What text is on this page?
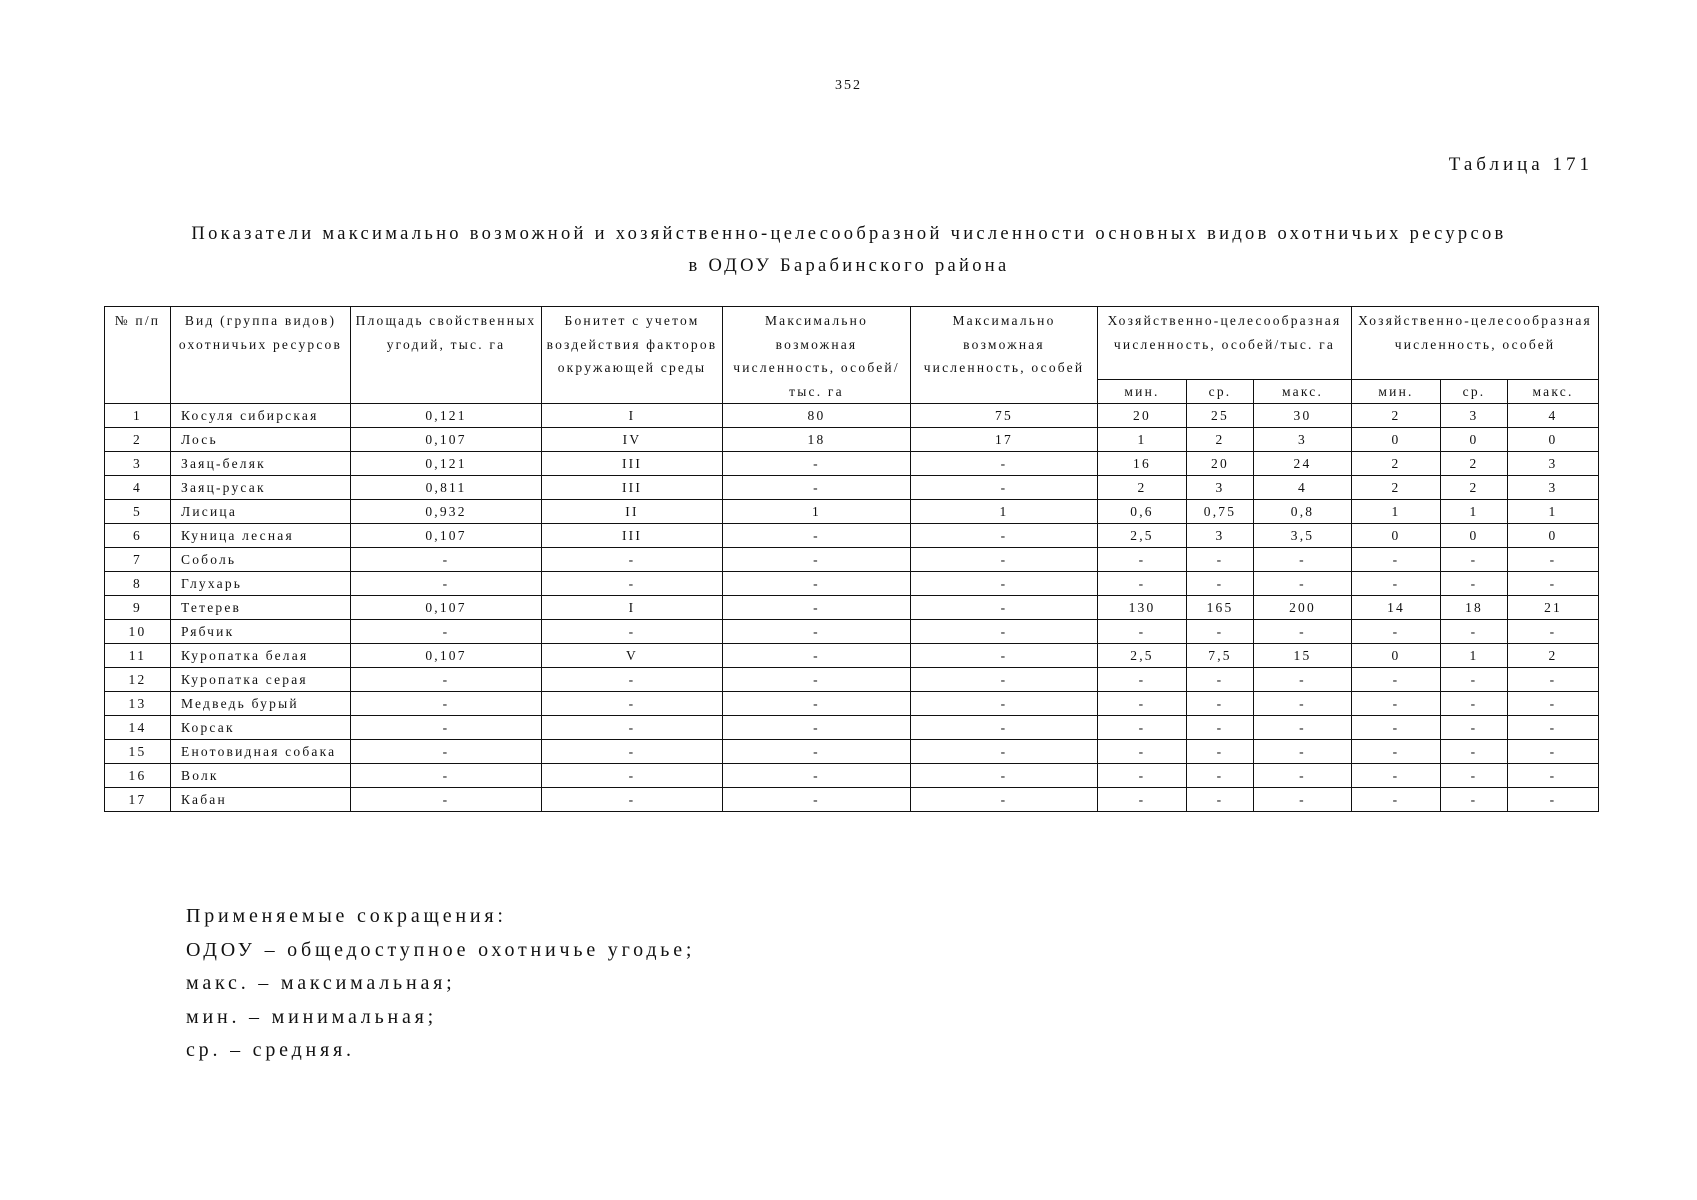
352
Таблица 171
Показатели максимально возможной и хозяйственно-целесообразной численности основных видов охотничьих ресурсов
в ОДОУ Барабинского района
№ п/п	Вид (группа видов) охотничьих ресурсов	Площадь свойственных угодий, тыс. га	Бонитет с учетом воздействия факторов окружающей среды	Максимально возможная численность, особей/тыс. га	Максимально возможная численность, особей	Хозяйственно-целесообразная численность, особей/тыс. га			Хозяйственно-целесообразная численность, особей		
						мин.	ср.	макс.	мин.	ср.	макс.
1	Косуля сибирская	0,121	I	80	75	20	25	30	2	3	4
2	Лось	0,107	IV	18	17	1	2	3	0	0	0
3	Заяц-беляк	0,121	III	-	-	16	20	24	2	2	3
4	Заяц-русак	0,811	III	-	-	2	3	4	2	2	3
5	Лисица	0,932	II	1	1	0,6	0,75	0,8	1	1	1
6	Куница лесная	0,107	III	-	-	2,5	3	3,5	0	0	0
7	Соболь	-	-	-	-	-	-	-	-	-	-
8	Глухарь	-	-	-	-	-	-	-	-	-	-
9	Тетерев	0,107	I	-	-	130	165	200	14	18	21
10	Рябчик	-	-	-	-	-	-	-	-	-	-
11	Куропатка белая	0,107	V	-	-	2,5	7,5	15	0	1	2
12	Куропатка серая	-	-	-	-	-	-	-	-	-	-
13	Медведь бурый	-	-	-	-	-	-	-	-	-	-
14	Корсак	-	-	-	-	-	-	-	-	-	-
15	Енотовидная собака	-	-	-	-	-	-	-	-	-	-
16	Волк	-	-	-	-	-	-	-	-	-	-
17	Кабан	-	-	-	-	-	-	-	-	-	-
Применяемые сокращения:
ОДОУ – общедоступное охотничье угодье;
макс. – максимальная;
мин. – минимальная;
ср. – средняя.
